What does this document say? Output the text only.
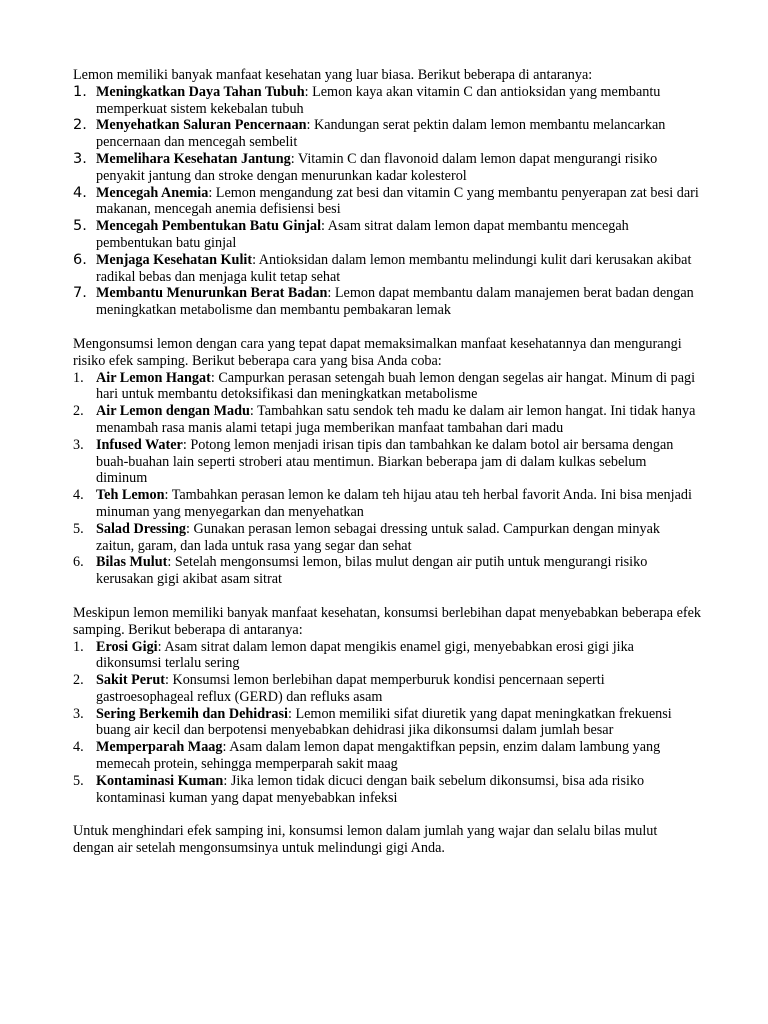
Lemon memiliki banyak manfaat kesehatan yang luar biasa. Berikut beberapa di antaranya:

1. Meningkatkan Daya Tahan Tubuh: Lemon kaya akan vitamin C dan antioksidan yang membantu memperkuat sistem kekebalan tubuh
2. Menyehatkan Saluran Pencernaan: Kandungan serat pektin dalam lemon membantu melancarkan pencernaan dan mencegah sembelit
3. Memelihara Kesehatan Jantung: Vitamin C dan flavonoid dalam lemon dapat mengurangi risiko penyakit jantung dan stroke dengan menurunkan kadar kolesterol
4. Mencegah Anemia: Lemon mengandung zat besi dan vitamin C yang membantu penyerapan zat besi dari makanan, mencegah anemia defisiensi besi
5. Mencegah Pembentukan Batu Ginjal: Asam sitrat dalam lemon dapat membantu mencegah pembentukan batu ginjal
6. Menjaga Kesehatan Kulit: Antioksidan dalam lemon membantu melindungi kulit dari kerusakan akibat radikal bebas dan menjaga kulit tetap sehat
7. Membantu Menurunkan Berat Badan: Lemon dapat membantu dalam manajemen berat badan dengan meningkatkan metabolisme dan membantu pembakaran lemak

Mengonsumsi lemon dengan cara yang tepat dapat memaksimalkan manfaat kesehatannya dan mengurangi risiko efek samping. Berikut beberapa cara yang bisa Anda coba:

1. Air Lemon Hangat: Campurkan perasan setengah buah lemon dengan segelas air hangat. Minum di pagi hari untuk membantu detoksifikasi dan meningkatkan metabolisme
2. Air Lemon dengan Madu: Tambahkan satu sendok teh madu ke dalam air lemon hangat. Ini tidak hanya menambah rasa manis alami tetapi juga memberikan manfaat tambahan dari madu
3. Infused Water: Potong lemon menjadi irisan tipis dan tambahkan ke dalam botol air bersama dengan buah-buahan lain seperti stroberi atau mentimun. Biarkan beberapa jam di dalam kulkas sebelum diminum
4. Teh Lemon: Tambahkan perasan lemon ke dalam teh hijau atau teh herbal favorit Anda. Ini bisa menjadi minuman yang menyegarkan dan menyehatkan
5. Salad Dressing: Gunakan perasan lemon sebagai dressing untuk salad. Campurkan dengan minyak zaitun, garam, dan lada untuk rasa yang segar dan sehat
6. Bilas Mulut: Setelah mengonsumsi lemon, bilas mulut dengan air putih untuk mengurangi risiko kerusakan gigi akibat asam sitrat

Meskipun lemon memiliki banyak manfaat kesehatan, konsumsi berlebihan dapat menyebabkan beberapa efek samping. Berikut beberapa di antaranya:

1. Erosi Gigi: Asam sitrat dalam lemon dapat mengikis enamel gigi, menyebabkan erosi gigi jika dikonsumsi terlalu sering
2. Sakit Perut: Konsumsi lemon berlebihan dapat memperburuk kondisi pencernaan seperti gastroesophageal reflux (GERD) dan refluks asam
3. Sering Berkemih dan Dehidrasi: Lemon memiliki sifat diuretik yang dapat meningkatkan frekuensi buang air kecil dan berpotensi menyebabkan dehidrasi jika dikonsumsi dalam jumlah besar
4. Memperparah Maag: Asam dalam lemon dapat mengaktifkan pepsin, enzim dalam lambung yang memecah protein, sehingga memperparah sakit maag
5. Kontaminasi Kuman: Jika lemon tidak dicuci dengan baik sebelum dikonsumsi, bisa ada risiko kontaminasi kuman yang dapat menyebabkan infeksi

Untuk menghindari efek samping ini, konsumsi lemon dalam jumlah yang wajar dan selalu bilas mulut dengan air setelah mengonsumsinya untuk melindungi gigi Anda.
